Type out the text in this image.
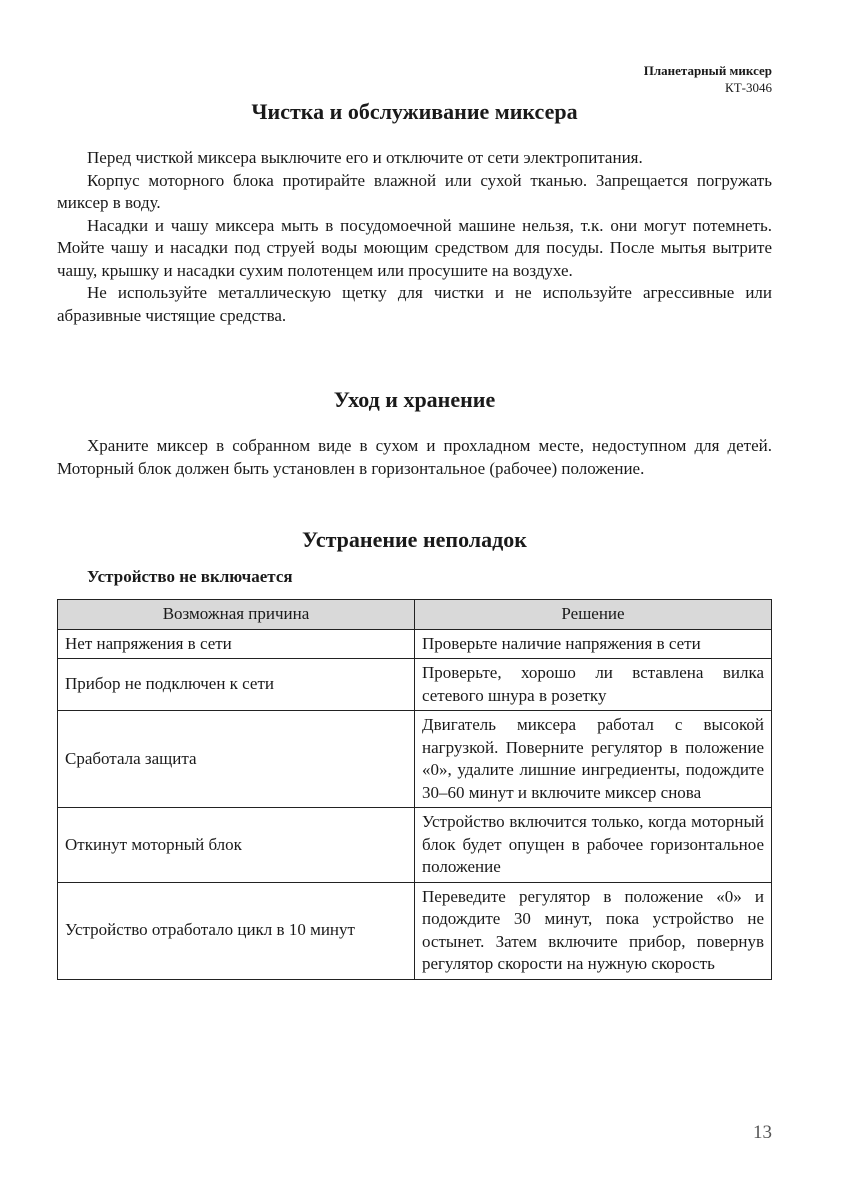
Планетарный миксер
КТ-3046
Чистка и обслуживание миксера

Перед чисткой миксера выключите его и отключите от сети электропитания.

Корпус моторного блока протирайте влажной или сухой тканью. Запрещается погружать миксер в воду.

Насадки и чашу миксера мыть в посудомоечной машине нельзя, т.к. они могут потемнеть. Мойте чашу и насадки под струей воды моющим средством для посуды. После мытья вытрите чашу, крышку и насадки сухим полотенцем или просушите на воздухе.

Не используйте металлическую щетку для чистки и не используйте агрессивные или абразивные чистящие средства.

Уход и хранение

Храните миксер в собранном виде в сухом и прохладном месте, недоступном для детей. Моторный блок должен быть установлен в горизонтальное (рабочее) положение.

Устранение неполадок
Устройство не включается
Возможная причина	Решение
Нет напряжения в сети	Проверьте наличие напряжения в сети
Прибор не подключен к сети	Проверьте, хорошо ли вставлена вилка сетевого шнура в розетку
Сработала защита	Двигатель миксера работал с высокой нагрузкой. Поверните регулятор в положение «0», удалите лишние ингредиенты, подождите 30–60 минут и включите миксер снова
Откинут моторный блок	Устройство включится только, когда моторный блок будет опущен в рабочее горизонтальное положение
Устройство отработало цикл в 10 минут	Переведите регулятор в положение «0» и подождите 30 минут, пока устройство не остынет. Затем включите прибор, повернув регулятор скорости на нужную скорость
13
